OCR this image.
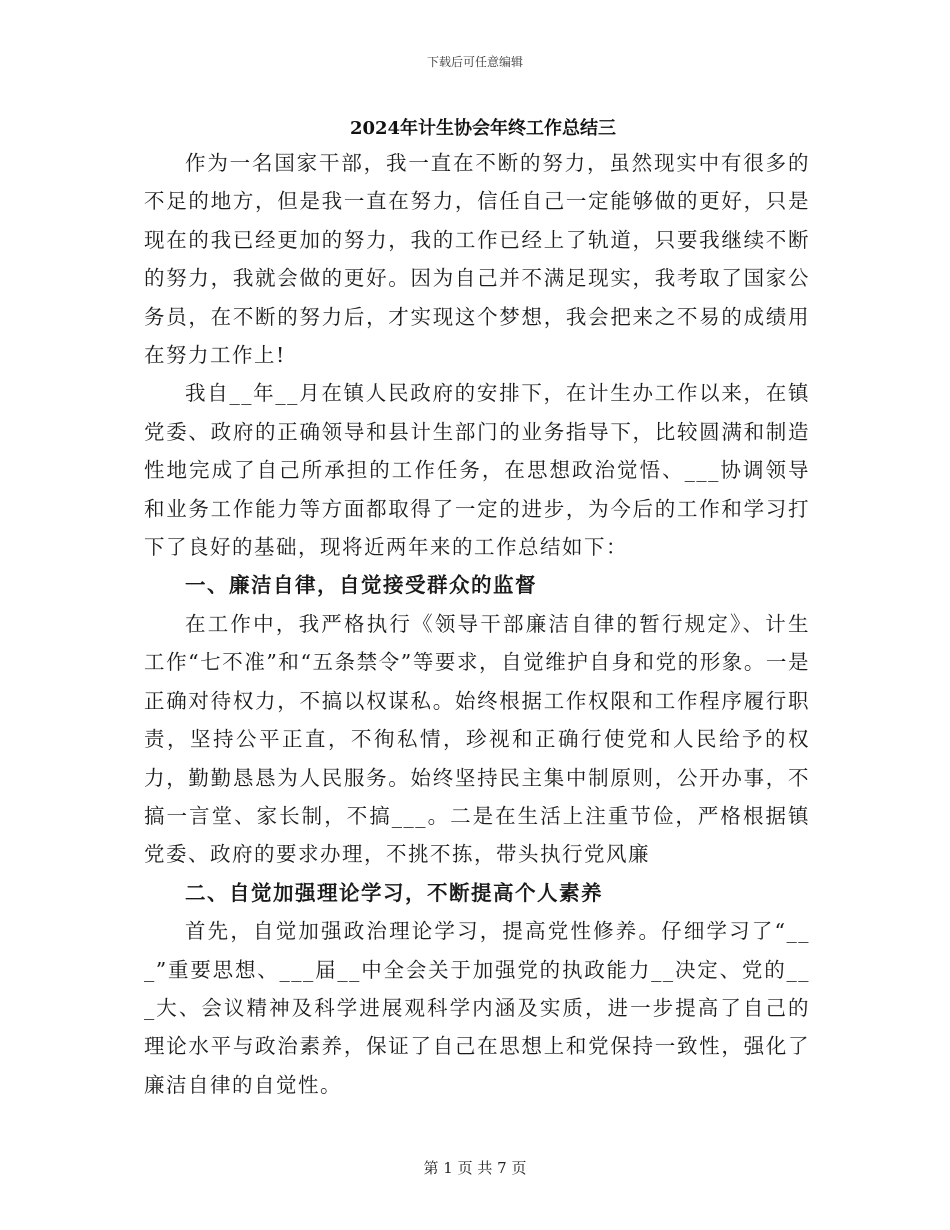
下载后可任意编辑
2024年计生协会年终工作总结三

作为一名国家干部，我一直在不断的努力，虽然现实中有很多的不足的地方，但是我一直在努力，信任自己一定能够做的更好，只是现在的我已经更加的努力，我的工作已经上了轨道，只要我继续不断的努力，我就会做的更好。因为自己并不满足现实，我考取了国家公务员，在不断的努力后，才实现这个梦想，我会把来之不易的成绩用在努力工作上!

我自__年__月在镇人民政府的安排下，在计生办工作以来，在镇党委、政府的正确领导和县计生部门的业务指导下，比较圆满和制造性地完成了自己所承担的工作任务，在思想政治觉悟、___协调领导和业务工作能力等方面都取得了一定的进步，为今后的工作和学习打下了良好的基础，现将近两年来的工作总结如下：

一、廉洁自律，自觉接受群众的监督

在工作中，我严格执行《领导干部廉洁自律的暂行规定》、计生工作“七不准”和“五条禁令”等要求，自觉维护自身和党的形象。一是正确对待权力，不搞以权谋私。始终根据工作权限和工作程序履行职责，坚持公平正直，不徇私情，珍视和正确行使党和人民给予的权力，勤勤恳恳为人民服务。始终坚持民主集中制原则，公开办事，不搞一言堂、家长制，不搞___。二是在生活上注重节俭，严格根据镇党委、政府的要求办理，不挑不拣，带头执行党风廉

二、自觉加强理论学习，不断提高个人素养

首先，自觉加强政治理论学习，提高党性修养。仔细学习了“___”重要思想、___届__中全会关于加强党的执政能力__决定、党的___大、会议精神及科学进展观科学内涵及实质，进一步提高了自己的理论水平与政治素养，保证了自己在思想上和党保持一致性，强化了廉洁自律的自觉性。

第 1 页 共 7 页
